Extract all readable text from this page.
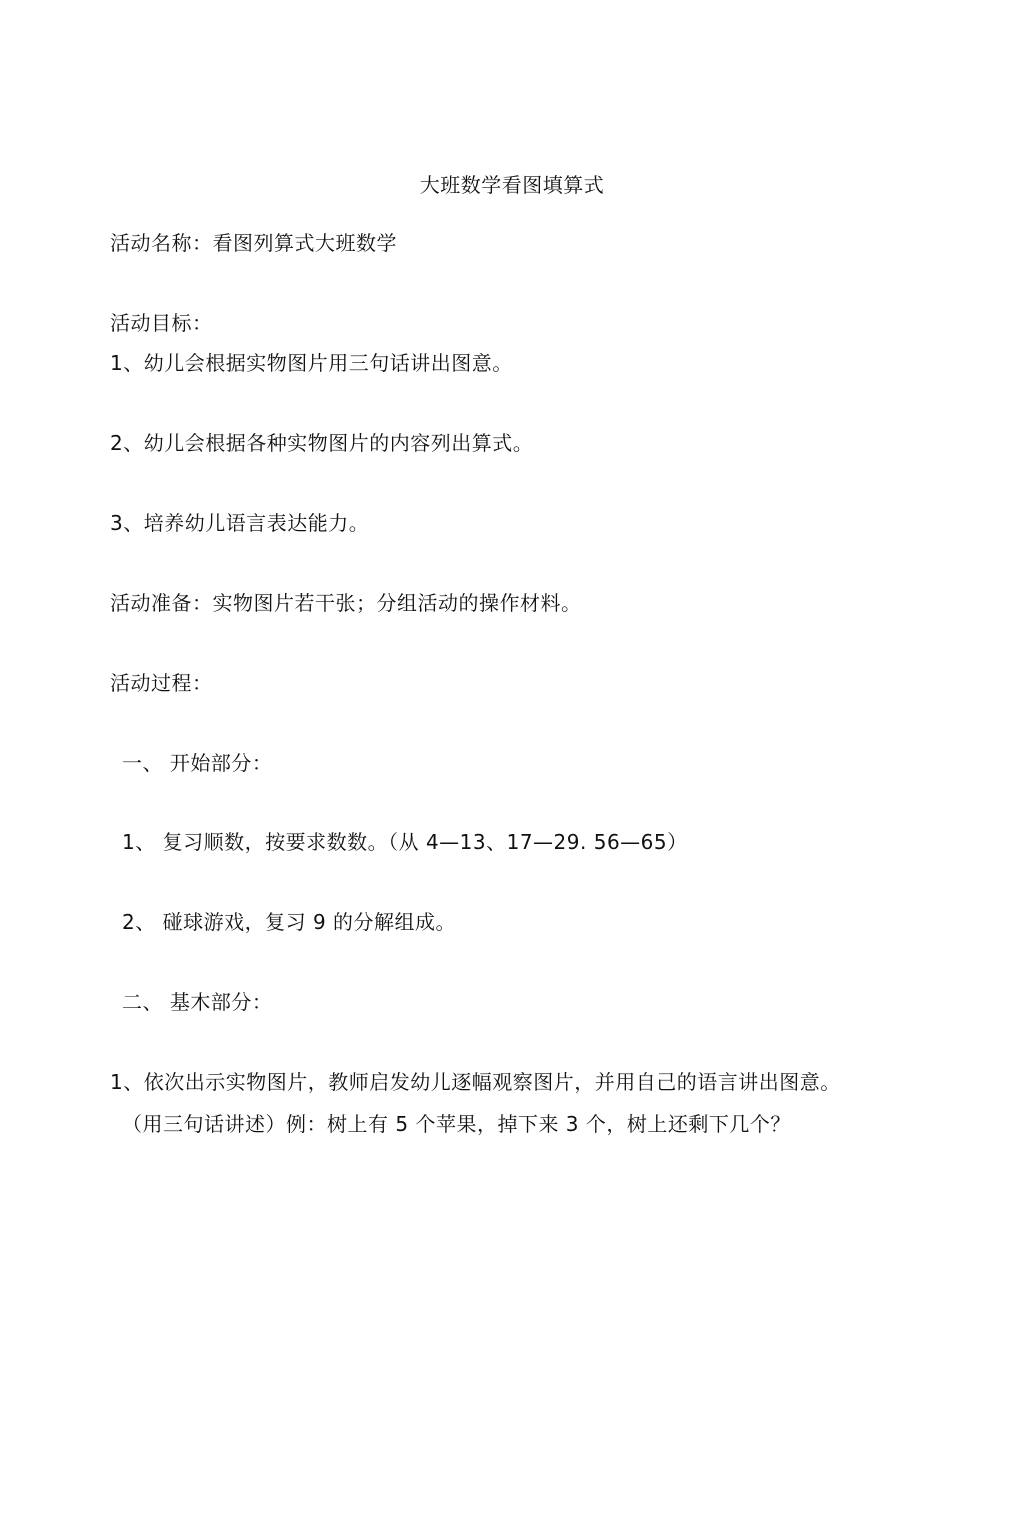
大班数学看图填算式
活动名称：看图列算式大班数学
活动目标：
1、幼儿会根据实物图片用三句话讲出图意。
2、幼儿会根据各种实物图片的内容列出算式。
3、培养幼儿语言表达能力。
活动准备：实物图片若干张；分组活动的操作材料。
活动过程：
一、 开始部分：
1、 复习顺数，按要求数数。（从 4—13、17—29. 56—65）
2、 碰球游戏，复习 9 的分解组成。
二、 基木部分：
1、依次出示实物图片，教师启发幼儿逐幅观察图片，并用自己的语言讲出图意。
（用三句话讲述）例：树上有 5 个苹果，掉下来 3 个，树上还剩下几个？
